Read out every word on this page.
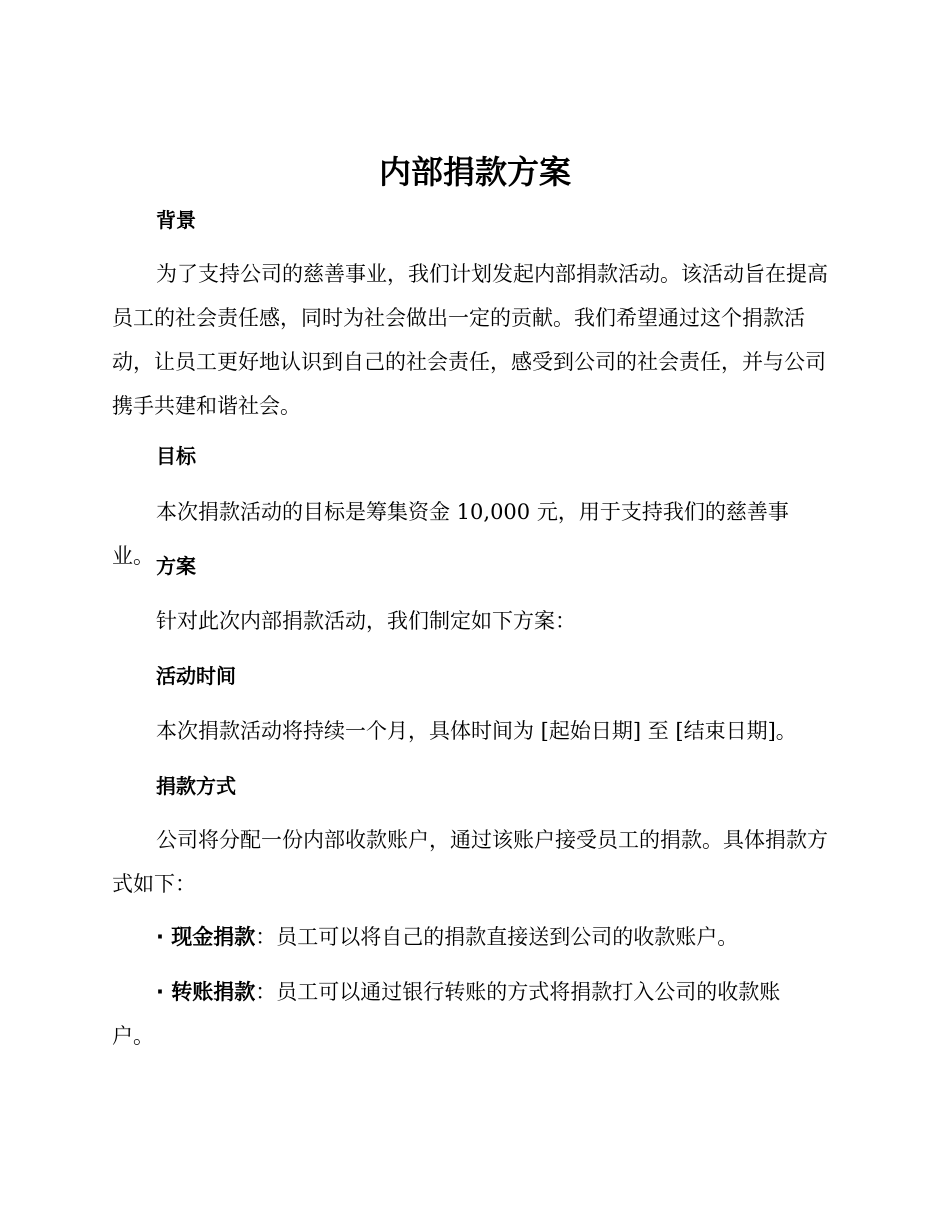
内部捐款方案
背景

为了支持公司的慈善事业，我们计划发起内部捐款活动。该活动旨在提高员工的社会责任感，同时为社会做出一定的贡献。我们希望通过这个捐款活动，让员工更好地认识到自己的社会责任，感受到公司的社会责任，并与公司携手共建和谐社会。

目标

本次捐款活动的目标是筹集资金 10,000 元，用于支持我们的慈善事业。 方案

针对此次内部捐款活动，我们制定如下方案：

活动时间

本次捐款活动将持续一个月，具体时间为 [起始日期] 至 [结束日期]。

捐款方式

公司将分配一份内部收款账户，通过该账户接受员工的捐款。具体捐款方式如下：

· 现金捐款：员工可以将自己的捐款直接送到公司的收款账户。

· 转账捐款：员工可以通过银行转账的方式将捐款打入公司的收款账户。
